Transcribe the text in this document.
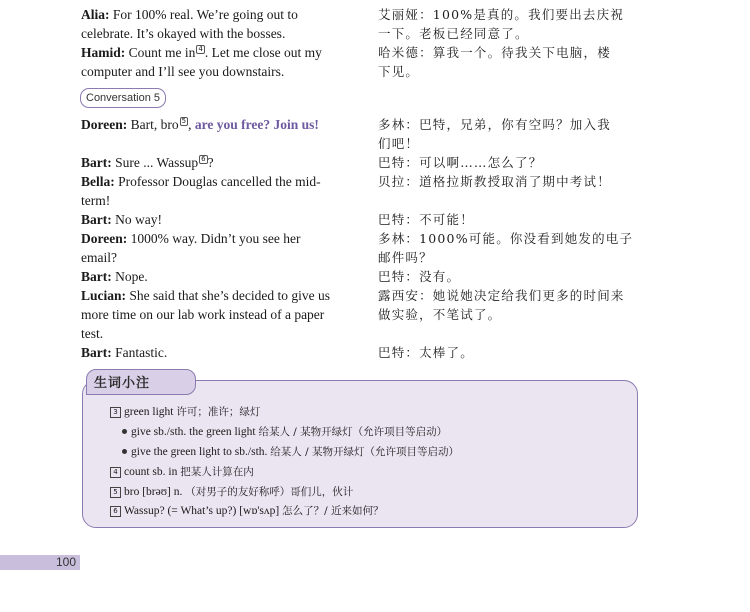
Alia: For 100% real. We’re going out to
celebrate. It’s okayed with the bosses.
Hamid: Count me in 4 . Let me close out my
computer and I’ll see you downstairs.
Doreen: Bart, bro 5 , are you free? Join us!
Bart: Sure ... Wassup 6 ?
Bella: Professor Douglas cancelled the mid-
term!
Bart: No way!
Doreen: 1000% way. Didn’t you see her
email?
Bart: Nope.
Lucian: She said that she’s decided to give us
more time on our lab work instead of a paper
test.
Bart: Fantastic.
Conversation 5
艾丽娅：100%是真的。我们要出去庆祝
一下。老板已经同意了。
哈米德：算我一个。待我关下电脑，楼
下见。
多林：巴特，兄弟，你有空吗？加入我
们吧！
巴特：可以啊……怎么了？
贝拉：道格拉斯教授取消了期中考试！
巴特：不可能！
多林：1000%可能。你没看到她发的电子
邮件吗？
巴特：没有。
露西安：她说她决定给我们更多的时间来
做实验，不笔试了。
巴特：太棒了。
生词小注
3 green light 许可；准许；绿灯
give sb./sth. the green light 给某人 / 某物开绿灯（允许项目等启动）
give the green light to sb./sth. 给某人 / 某物开绿灯（允许项目等启动）
4 count sb. in 把某人计算在内
5 bro [brəʊ] n. （对男子的友好称呼）哥们儿，伙计
6 Wassup? (= What’s up?) [wɒ'sʌp] 怎么了？/ 近来如何？
100
